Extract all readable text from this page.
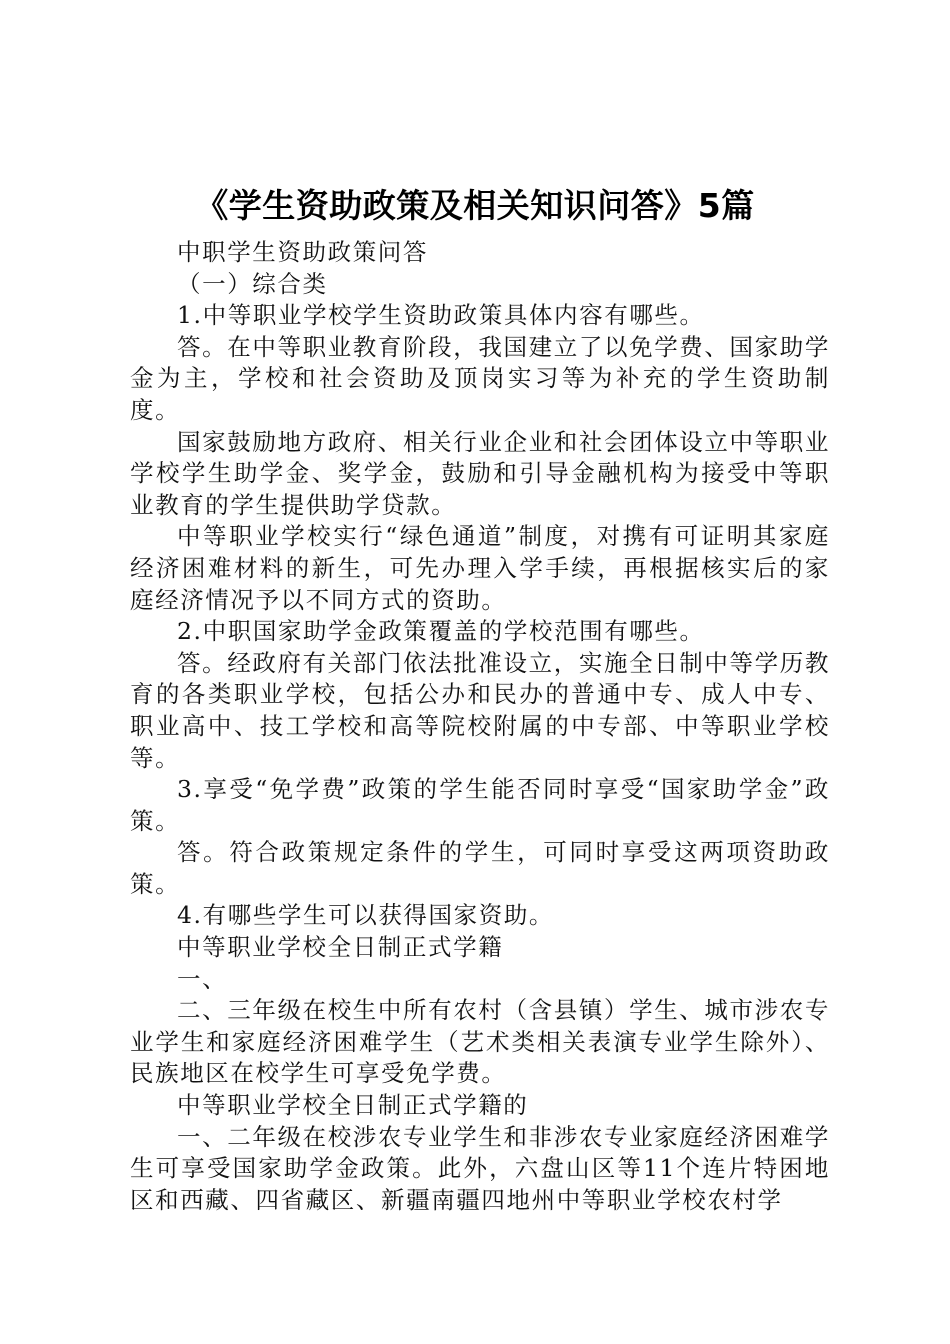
《学生资助政策及相关知识问答》5篇

中职学生资助政策问答

（一）综合类

1.中等职业学校学生资助政策具体内容有哪些。

答。在中等职业教育阶段，我国建立了以免学费、国家助学金为主，学校和社会资助及顶岗实习等为补充的学生资助制度。

国家鼓励地方政府、相关行业企业和社会团体设立中等职业学校学生助学金、奖学金，鼓励和引导金融机构为接受中等职业教育的学生提供助学贷款。

中等职业学校实行“绿色通道”制度，对携有可证明其家庭经济困难材料的新生，可先办理入学手续，再根据核实后的家庭经济情况予以不同方式的资助。

2.中职国家助学金政策覆盖的学校范围有哪些。

答。经政府有关部门依法批准设立，实施全日制中等学历教育的各类职业学校，包括公办和民办的普通中专、成人中专、职业高中、技工学校和高等院校附属的中专部、中等职业学校等。

3.享受“免学费”政策的学生能否同时享受“国家助学金”政策。

答。符合政策规定条件的学生，可同时享受这两项资助政策。

4.有哪些学生可以获得国家资助。

中等职业学校全日制正式学籍

一、

二、三年级在校生中所有农村（含县镇）学生、城市涉农专业学生和家庭经济困难学生（艺术类相关表演专业学生除外）、民族地区在校学生可享受免学费。

中等职业学校全日制正式学籍的

一、二年级在校涉农专业学生和非涉农专业家庭经济困难学生可享受国家助学金政策。此外，六盘山区等11个连片特困地区和西藏、四省藏区、新疆南疆四地州中等职业学校农村学
